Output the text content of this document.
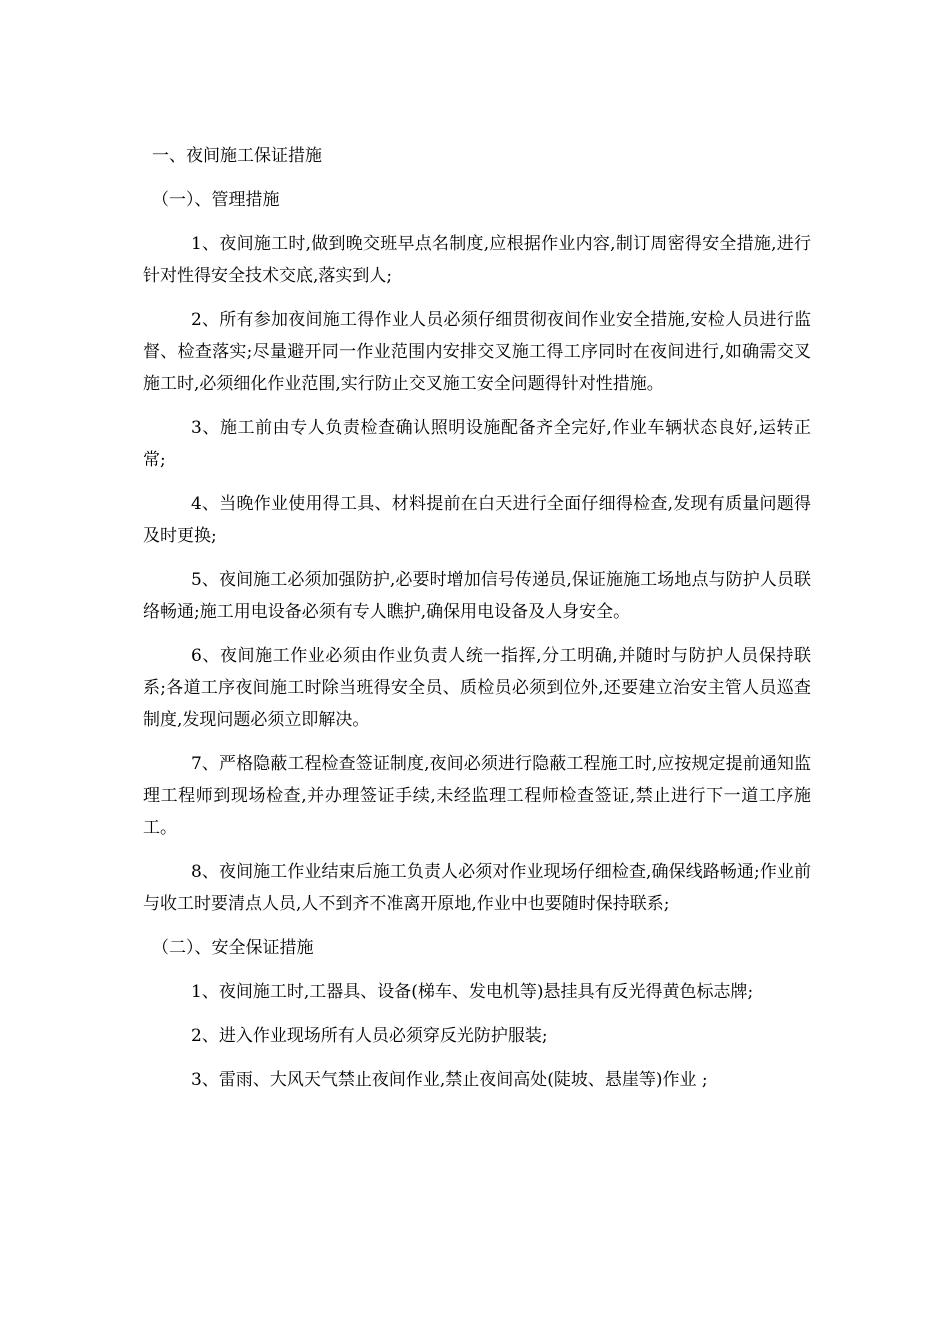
一、夜间施工保证措施

（一）、管理措施

1、夜间施工时,做到晚交班早点名制度,应根据作业内容,制订周密得安全措施,进行针对性得安全技术交底,落实到人;

2、所有参加夜间施工得作业人员必须仔细贯彻夜间作业安全措施,安检人员进行监督、检查落实;尽量避开同一作业范围内安排交叉施工得工序同时在夜间进行,如确需交叉施工时,必须细化作业范围,实行防止交叉施工安全问题得针对性措施。

3、施工前由专人负责检查确认照明设施配备齐全完好,作业车辆状态良好,运转正常;

4、当晚作业使用得工具、材料提前在白天进行全面仔细得检查,发现有质量问题得及时更换;

5、夜间施工必须加强防护,必要时增加信号传递员,保证施施工场地点与防护人员联络畅通;施工用电设备必须有专人瞧护,确保用电设备及人身安全。

6、夜间施工作业必须由作业负责人统一指挥,分工明确,并随时与防护人员保持联系;各道工序夜间施工时除当班得安全员、质检员必须到位外,还要建立治安主管人员巡查制度,发现问题必须立即解决。

7、严格隐蔽工程检查签证制度,夜间必须进行隐蔽工程施工时,应按规定提前通知监理工程师到现场检查,并办理签证手续,未经监理工程师检查签证,禁止进行下一道工序施工。

8、夜间施工作业结束后施工负责人必须对作业现场仔细检查,确保线路畅通;作业前与收工时要清点人员,人不到齐不准离开原地,作业中也要随时保持联系;

（二）、安全保证措施

1、夜间施工时,工器具、设备(梯车、发电机等)悬挂具有反光得黄色标志牌;

2、进入作业现场所有人员必须穿反光防护服装;

3、雷雨、大风天气禁止夜间作业,禁止夜间高处(陡坡、悬崖等)作业 ;
